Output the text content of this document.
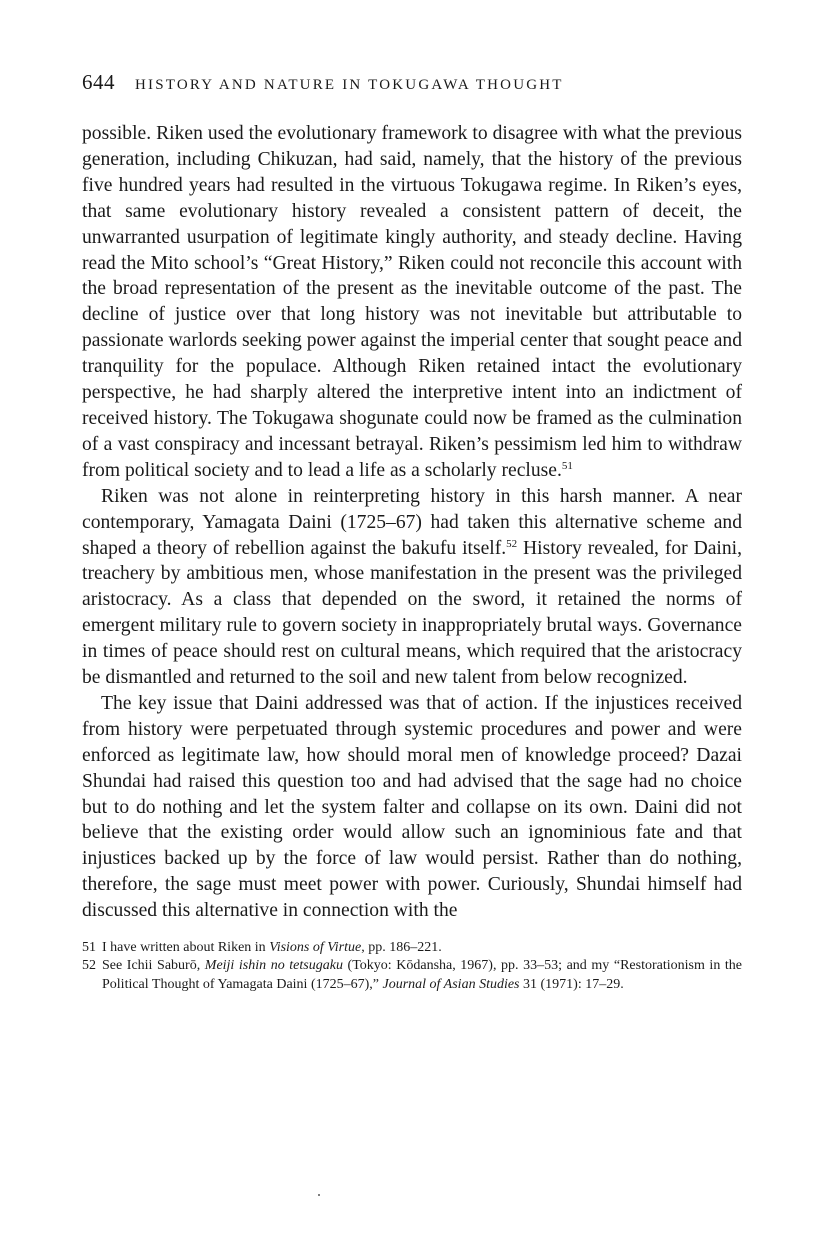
644 HISTORY AND NATURE IN TOKUGAWA THOUGHT

possible. Riken used the evolutionary framework to disagree with what the previous generation, including Chikuzan, had said, namely, that the history of the previous five hundred years had resulted in the virtuous Tokugawa regime. In Riken’s eyes, that same evolutionary history revealed a consistent pattern of deceit, the unwarranted usurpation of legitimate kingly authority, and steady decline. Having read the Mito school’s “Great History,” Riken could not reconcile this account with the broad representation of the present as the inevitable outcome of the past. The decline of justice over that long history was not inevitable but attributable to passionate warlords seeking power against the imperial center that sought peace and tranquility for the populace. Although Riken retained intact the evolutionary perspective, he had sharply altered the interpretive intent into an indictment of received history. The Tokugawa shogunate could now be framed as the culmination of a vast conspiracy and incessant betrayal. Riken’s pessimism led him to withdraw from political society and to lead a life as a scholarly recluse.$^{51}$

Riken was not alone in reinterpreting history in this harsh manner. A near contemporary, Yamagata Daini (1725–67) had taken this alternative scheme and shaped a theory of rebellion against the bakufu itself.$^{52}$ History revealed, for Daini, treachery by ambitious men, whose manifestation in the present was the privileged aristocracy. As a class that depended on the sword, it retained the norms of emergent military rule to govern society in inappropriately brutal ways. Governance in times of peace should rest on cultural means, which required that the aristocracy be dismantled and returned to the soil and new talent from below recognized.

The key issue that Daini addressed was that of action. If the injustices received from history were perpetuated through systemic procedures and power and were enforced as legitimate law, how should moral men of knowledge proceed? Dazai Shundai had raised this question too and had advised that the sage had no choice but to do nothing and let the system falter and collapse on its own. Daini did not believe that the existing order would allow such an ignominious fate and that injustices backed up by the force of law would persist. Rather than do nothing, therefore, the sage must meet power with power. Curiously, Shundai himself had discussed this alternative in connection with the

51 I have written about Riken in Visions of Virtue, pp. 186–221.
52 See Ichii Saburō, Meiji ishin no tetsugaku (Tokyo: Kōdansha, 1967), pp. 33–53; and my “Restorationism in the Political Thought of Yamagata Daini (1725–67),” Journal of Asian Studies 31 (1971): 17–29.
